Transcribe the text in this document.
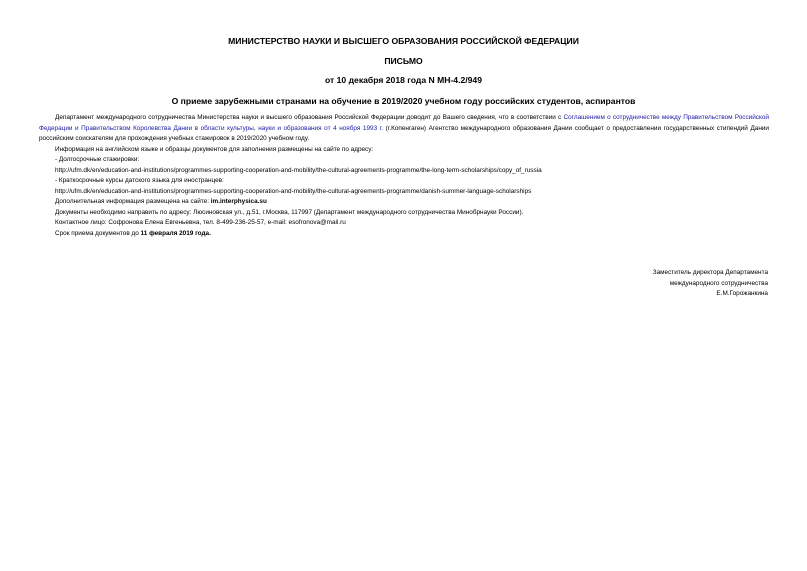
МИНИСТЕРСТВО НАУКИ И ВЫСШЕГО ОБРАЗОВАНИЯ РОССИЙСКОЙ ФЕДЕРАЦИИ
ПИСЬМО
от 10 декабря 2018 года N МН-4.2/949
О приеме зарубежными странами на обучение в 2019/2020 учебном году российских студентов, аспирантов

Департамент международного сотрудничества Министерства науки и высшего образования Российской Федерации доводит до Вашего сведения, что в соответствии с Соглашением о сотрудничестве между Правительством Российской Федерации и Правительством Королевства Дании в области культуры, науки и образования от 4 ноября 1993 г. (г.Копенгаген) Агентство международного образования Дании сообщает о предоставлении государственных стипендий Дании российским соискателям для прохождения учебных стажировок в 2019/2020 учебном году.

Информация на английском языке и образцы документов для заполнения размещены на сайте по адресу:

- Долгосрочные стажировки:

http://ufm.dk/en/education-and-institutions/programmes-supporting-cooperation-and-mobility/the-cultural-agreements-programme/the-long-term-scholarships/copy_of_russia

- Краткосрочные курсы датского языка для иностранцев:

http://ufm.dk/en/education-and-institutions/programmes-supporting-cooperation-and-mobility/the-cultural-agreements-programme/danish-summer-language-scholarships

Дополнительная информация размещена на сайте: im.interphysica.su

Документы необходимо направить по адресу: Люсиновская ул., д.51, г.Москва, 117997 (Департамент международного сотрудничества Минобрнауки России).

Контактное лицо: Софронова Елена Евгеньевна, тел. 8-499-236-25-57, e-mail: esofronova@mail.ru

Срок приема документов до 11 февраля 2019 года.

Заместитель директора Департамента
международного сотрудничества
Е.М.Горожанкина
